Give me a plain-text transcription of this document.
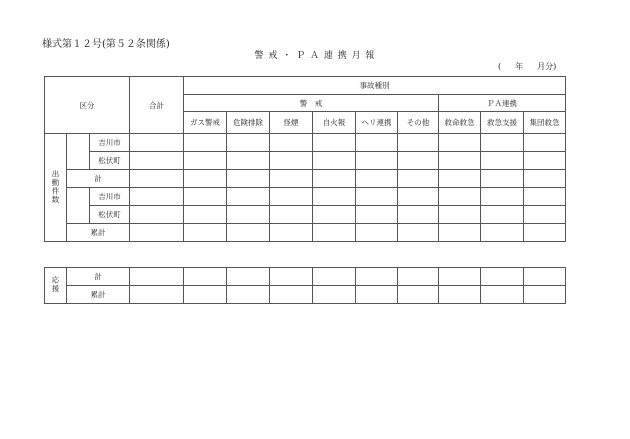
様式第１２号(第５２条関係)
警 戒 ・ Ｐ Ａ 連 携 月 報
( 年 月分)
区分			合計	事故種別								
				警　戒						ＰＡ連携		
				ガス警戒	危険排除	怪煙	自火報	ヘリ連携	その他	救命救急	救急支援	集団救急
出動件数		吉川市										
		松伏町										
	計											
		吉川市										
		松伏町										
	累計											
応援	計										
	累計										
